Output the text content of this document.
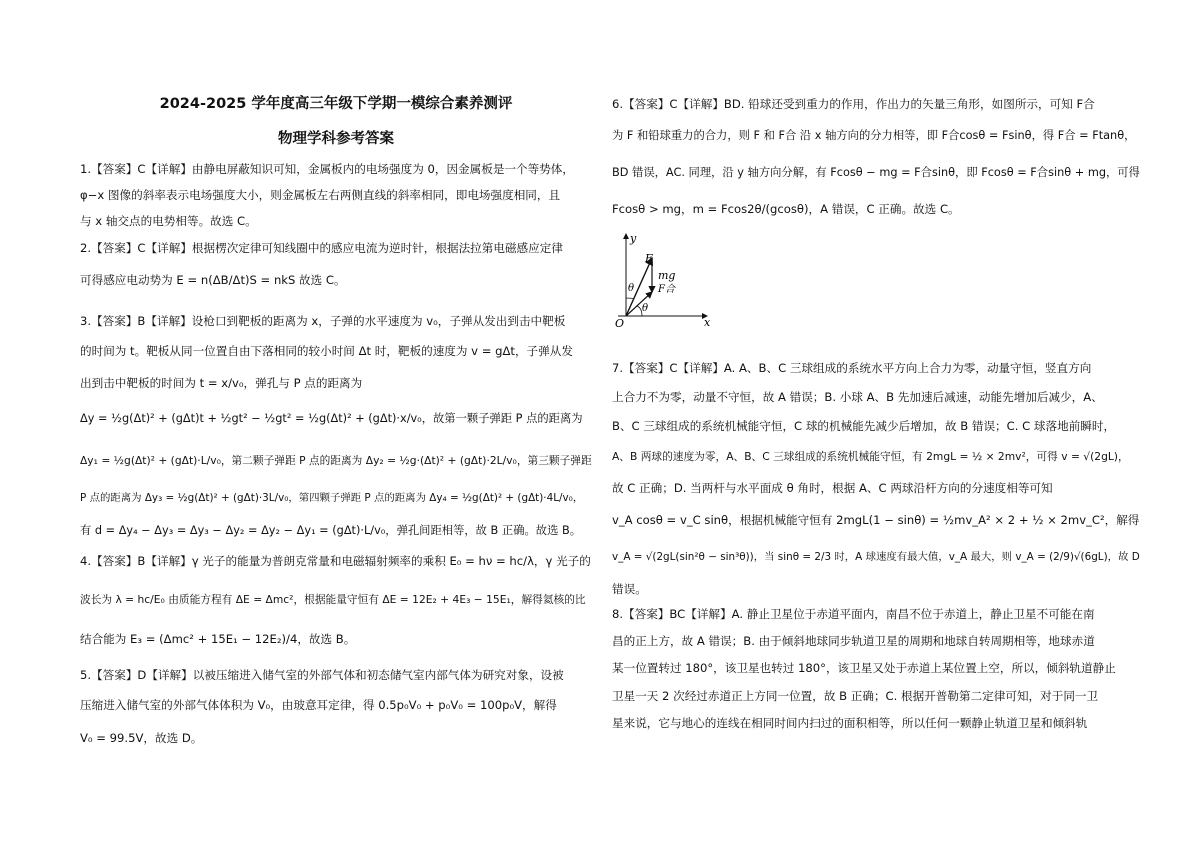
2024-2025 学年度高三年级下学期一模综合素养测评
物理学科参考答案
1.【答案】C【详解】由静电屏蔽知识可知，金属板内的电场强度为 0，因金属板是一个等势体，
φ−x 图像的斜率表示电场强度大小，则金属板左右两侧直线的斜率相同，即电场强度相同，且
与 x 轴交点的电势相等。故选 C。
2.【答案】C【详解】根据楞次定律可知线圈中的感应电流为逆时针，根据法拉第电磁感应定律
可得感应电动势为 E = n(ΔB/Δt)S = nkS 故选 C。
3.【答案】B【详解】设枪口到靶板的距离为 x，子弹的水平速度为 v₀，子弹从发出到击中靶板
的时间为 t。靶板从同一位置自由下落相同的较小时间 Δt 时，靶板的速度为 v = gΔt，子弹从发
出到击中靶板的时间为 t = x/v₀，弹孔与 P 点的距离为
Δy = ½g(Δt)² + (gΔt)t + ½gt² − ½gt² = ½g(Δt)² + (gΔt)·x/v₀，故第一颗子弹距 P 点的距离为
Δy₁ = ½g(Δt)² + (gΔt)·L/v₀，第二颗子弹距 P 点的距离为 Δy₂ = ½g·(Δt)² + (gΔt)·2L/v₀，第三颗子弹距
P 点的距离为 Δy₃ = ½g(Δt)² + (gΔt)·3L/v₀，第四颗子弹距 P 点的距离为 Δy₄ = ½g(Δt)² + (gΔt)·4L/v₀，
有 d = Δy₄ − Δy₃ = Δy₃ − Δy₂ = Δy₂ − Δy₁ = (gΔt)·L/v₀，弹孔间距相等，故 B 正确。故选 B。
4.【答案】B【详解】γ 光子的能量为普朗克常量和电磁辐射频率的乘积 E₀ = hν = hc/λ，γ 光子的
波长为 λ = hc/E₀ 由质能方程有 ΔE = Δmc²，根据能量守恒有 ΔE = 12E₂ + 4E₃ − 15E₁，解得氦核的比
结合能为 E₃ = (Δmc² + 15E₁ − 12E₂)/4，故选 B。
5.【答案】D【详解】以被压缩进入储气室的外部气体和初态储气室内部气体为研究对象，设被
压缩进入储气室的外部气体体积为 V₀，由玻意耳定律，得 0.5p₀V₀ + p₀V₀ = 100p₀V，解得
V₀ = 99.5V，故选 D。
6.【答案】C【详解】BD. 铅球还受到重力的作用，作出力的矢量三角形，如图所示，可知 F合
为 F 和铅球重力的合力，则 F 和 F合 沿 x 轴方向的分力相等，即 F合cosθ = Fsinθ，得 F合 = Ftanθ，
BD 错误，AC. 同理，沿 y 轴方向分解，有 Fcosθ − mg = F合sinθ，即 Fcosθ = F合sinθ + mg，可得
Fcosθ > mg，m = Fcos2θ/(gcosθ)，A 错误，C 正确。故选 C。
y
x
O
F
mg
F合
θ
θ
7.【答案】C【详解】A. A、B、C 三球组成的系统水平方向上合力为零，动量守恒，竖直方向
上合力不为零，动量不守恒，故 A 错误；B. 小球 A、B 先加速后减速，动能先增加后减少，A、
B、C 三球组成的系统机械能守恒，C 球的机械能先减少后增加，故 B 错误；C. C 球落地前瞬时，
A、B 两球的速度为零，A、B、C 三球组成的系统机械能守恒，有 2mgL = ½ × 2mv²，可得 v = √(2gL)，
故 C 正确；D. 当两杆与水平面成 θ 角时，根据 A、C 两球沿杆方向的分速度相等可知
v_A cosθ = v_C sinθ，根据机械能守恒有 2mgL(1 − sinθ) = ½mv_A² × 2 + ½ × 2mv_C²，解得
v_A = √(2gL(sin²θ − sin³θ))，当 sinθ = 2/3 时，A 球速度有最大值，v_A 最大，则 v_A = (2/9)√(6gL)，故 D
错误。
8.【答案】BC【详解】A. 静止卫星位于赤道平面内，南昌不位于赤道上，静止卫星不可能在南
昌的正上方，故 A 错误；B. 由于倾斜地球同步轨道卫星的周期和地球自转周期相等，地球赤道
某一位置转过 180°，该卫星也转过 180°，该卫星又处于赤道上某位置上空，所以，倾斜轨道静止
卫星一天 2 次经过赤道正上方同一位置，故 B 正确；C. 根据开普勒第二定律可知，对于同一卫
星来说，它与地心的连线在相同时间内扫过的面积相等，所以任何一颗静止轨道卫星和倾斜轨
